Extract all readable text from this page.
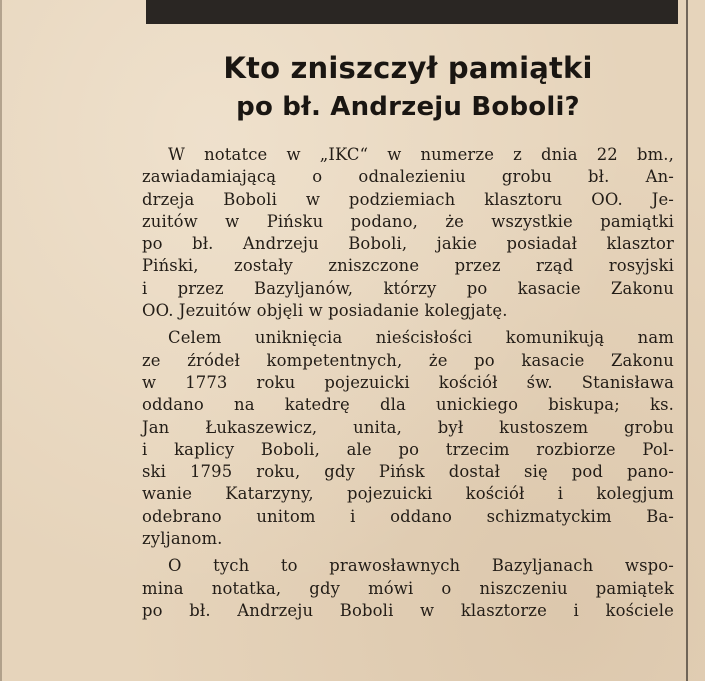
Kto zniszczył pamiątki
po bł. Andrzeju Boboli?

W notatce w „IKC“ w numerze z dnia 22 bm.,
zawiadamiającą o odnalezieniu grobu bł. An-
drzeja Boboli w podziemiach klasztoru OO. Je-
zuitów w Pińsku podano, że wszystkie pamiątki
po bł. Andrzeju Boboli, jakie posiadał klasztor
Piński, zostały zniszczone przez rząd rosyjski
i przez Bazyljanów, którzy po kasacie Zakonu
OO. Jezuitów objęli w posiadanie kolegjatę.

Celem uniknięcia nieścisłości komunikują nam
ze źródeł kompetentnych, że po kasacie Zakonu
w 1773 roku pojezuicki kościół św. Stanisława
oddano na katedrę dla unickiego biskupa; ks.
Jan Łukaszewicz, unita, był kustoszem grobu
i kaplicy Boboli, ale po trzecim rozbiorze Pol-
ski 1795 roku, gdy Pińsk dostał się pod pano-
wanie Katarzyny, pojezuicki kościół i kolegjum
odebrano unitom i oddano schizmatyckim Ba-
zyljanom.

O tych to prawosławnych Bazyljanach wspo-
mina notatka, gdy mówi o niszczeniu pamiątek
po bł. Andrzeju Boboli w klasztorze i kościele
